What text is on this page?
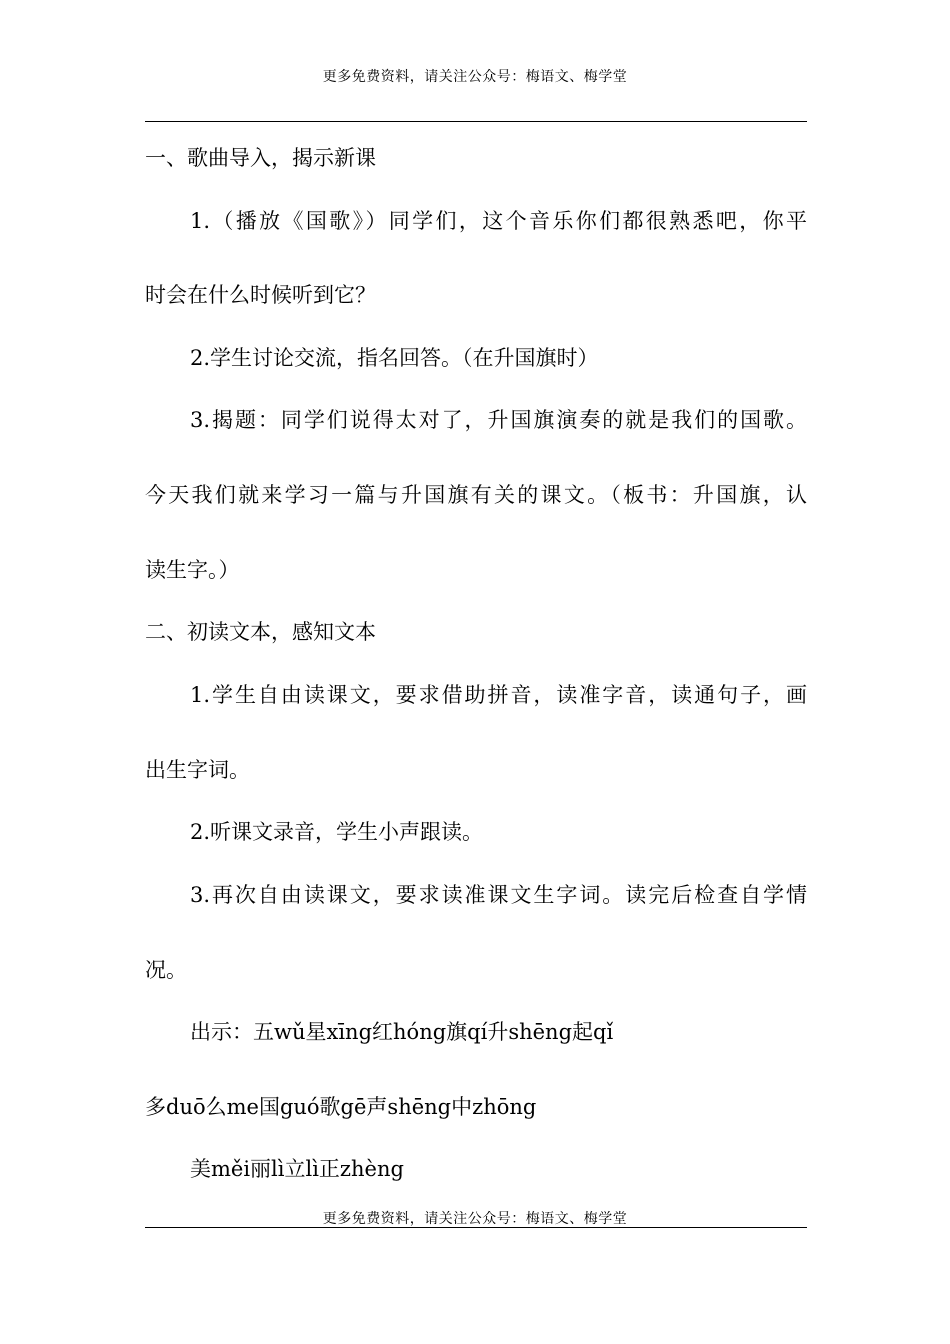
更多免费资料，请关注公众号：梅语文、梅学堂
一、歌曲导入，揭示新课
1.（播放《国歌》）同学们，这个音乐你们都很熟悉吧，你平
时会在什么时候听到它？
2.学生讨论交流，指名回答。（在升国旗时）
3.揭题：同学们说得太对了，升国旗演奏的就是我们的国歌。
今天我们就来学习一篇与升国旗有关的课文。（板书：升国旗，认
读生字。）
二、初读文本，感知文本
1.学生自由读课文，要求借助拼音，读准字音，读通句子，画
出生字词。
2.听课文录音，学生小声跟读。
3.再次自由读课文，要求读准课文生字词。读完后检查自学情
况。
出示：五wǔ星xīng红hóng旗qí升shēng起qǐ
多duō么me国guó歌gē声shēng中zhōng
美měi丽lì立lì正zhèng
更多免费资料，请关注公众号：梅语文、梅学堂
